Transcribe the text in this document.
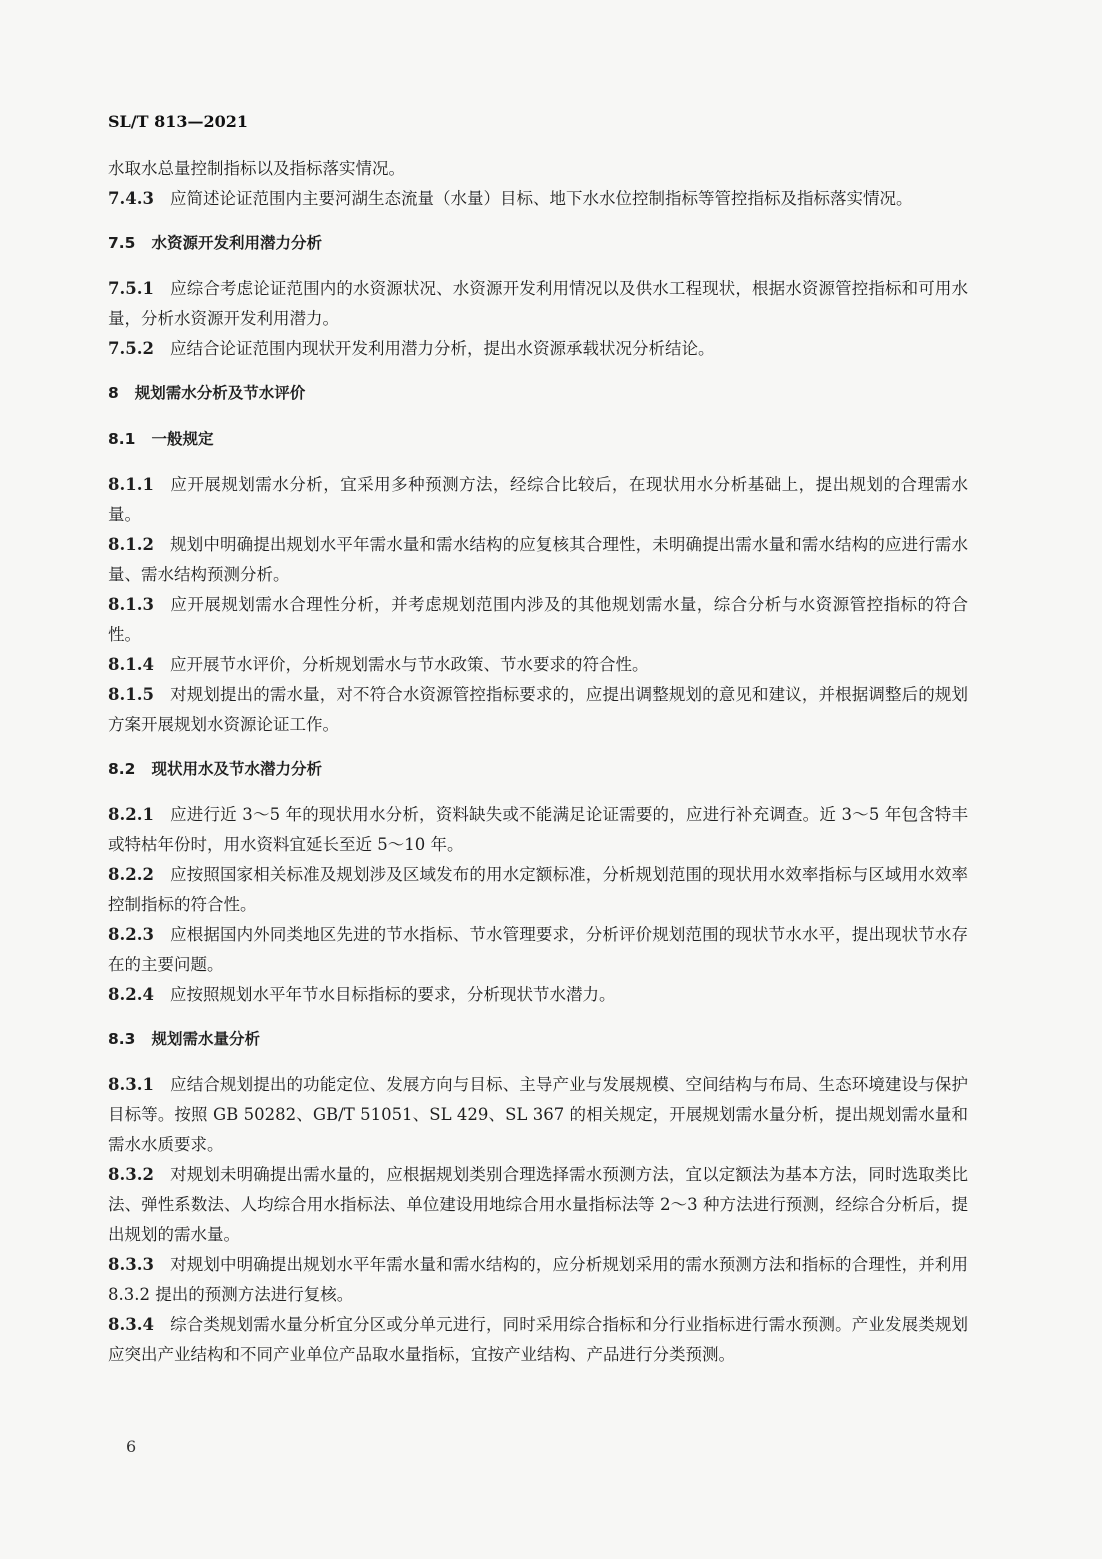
SL/T 813—2021
水取水总量控制指标以及指标落实情况。
7.4.3 应简述论证范围内主要河湖生态流量（水量）目标、地下水水位控制指标等管控指标及指标落实情况。
7.5 水资源开发利用潜力分析
7.5.1 应综合考虑论证范围内的水资源状况、水资源开发利用情况以及供水工程现状，根据水资源管控指标和可用水量，分析水资源开发利用潜力。
7.5.2 应结合论证范围内现状开发利用潜力分析，提出水资源承载状况分析结论。
8 规划需水分析及节水评价
8.1 一般规定
8.1.1 应开展规划需水分析，宜采用多种预测方法，经综合比较后，在现状用水分析基础上，提出规划的合理需水量。
8.1.2 规划中明确提出规划水平年需水量和需水结构的应复核其合理性，未明确提出需水量和需水结构的应进行需水量、需水结构预测分析。
8.1.3 应开展规划需水合理性分析，并考虑规划范围内涉及的其他规划需水量，综合分析与水资源管控指标的符合性。
8.1.4 应开展节水评价，分析规划需水与节水政策、节水要求的符合性。
8.1.5 对规划提出的需水量，对不符合水资源管控指标要求的，应提出调整规划的意见和建议，并根据调整后的规划方案开展规划水资源论证工作。
8.2 现状用水及节水潜力分析
8.2.1 应进行近 3～5 年的现状用水分析，资料缺失或不能满足论证需要的，应进行补充调查。近 3～5 年包含特丰或特枯年份时，用水资料宜延长至近 5～10 年。
8.2.2 应按照国家相关标准及规划涉及区域发布的用水定额标准，分析规划范围的现状用水效率指标与区域用水效率控制指标的符合性。
8.2.3 应根据国内外同类地区先进的节水指标、节水管理要求，分析评价规划范围的现状节水水平，提出现状节水存在的主要问题。
8.2.4 应按照规划水平年节水目标指标的要求，分析现状节水潜力。
8.3 规划需水量分析
8.3.1 应结合规划提出的功能定位、发展方向与目标、主导产业与发展规模、空间结构与布局、生态环境建设与保护目标等。按照 GB 50282、GB/T 51051、SL 429、SL 367 的相关规定，开展规划需水量分析，提出规划需水量和需水水质要求。
8.3.2 对规划未明确提出需水量的，应根据规划类别合理选择需水预测方法，宜以定额法为基本方法，同时选取类比法、弹性系数法、人均综合用水指标法、单位建设用地综合用水量指标法等 2～3 种方法进行预测，经综合分析后，提出规划的需水量。
8.3.3 对规划中明确提出规划水平年需水量和需水结构的，应分析规划采用的需水预测方法和指标的合理性，并利用 8.3.2 提出的预测方法进行复核。
8.3.4 综合类规划需水量分析宜分区或分单元进行，同时采用综合指标和分行业指标进行需水预测。产业发展类规划应突出产业结构和不同产业单位产品取水量指标，宜按产业结构、产品进行分类预测。
6
